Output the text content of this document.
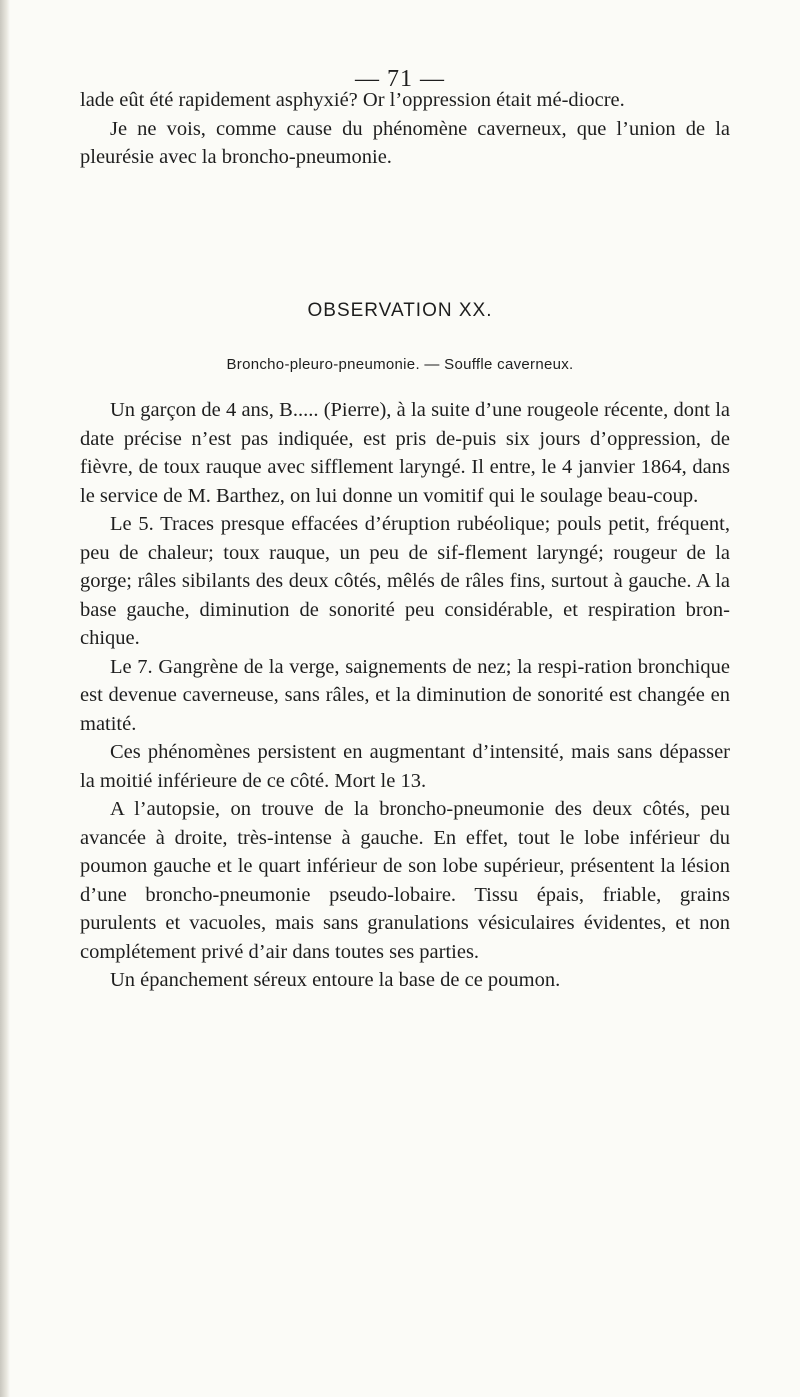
— 71 —

lade eût été rapidement asphyxié? Or l’oppression était mé-diocre.

Je ne vois, comme cause du phénomène caverneux, que l’union de la pleurésie avec la broncho-pneumonie.

OBSERVATION XX.
Broncho-pleuro-pneumonie. — Souffle caverneux.

Un garçon de 4 ans, B..... (Pierre), à la suite d’une rougeole récente, dont la date précise n’est pas indiquée, est pris de-puis six jours d’oppression, de fièvre, de toux rauque avec sifflement laryngé. Il entre, le 4 janvier 1864, dans le service de M. Barthez, on lui donne un vomitif qui le soulage beau-coup.

Le 5. Traces presque effacées d’éruption rubéolique; pouls petit, fréquent, peu de chaleur; toux rauque, un peu de sif-flement laryngé; rougeur de la gorge; râles sibilants des deux côtés, mêlés de râles fins, surtout à gauche. A la base gauche, diminution de sonorité peu considérable, et respiration bron-chique.

Le 7. Gangrène de la verge, saignements de nez; la respi-ration bronchique est devenue caverneuse, sans râles, et la diminution de sonorité est changée en matité.

Ces phénomènes persistent en augmentant d’intensité, mais sans dépasser la moitié inférieure de ce côté. Mort le 13.

A l’autopsie, on trouve de la broncho-pneumonie des deux côtés, peu avancée à droite, très-intense à gauche. En effet, tout le lobe inférieur du poumon gauche et le quart inférieur de son lobe supérieur, présentent la lésion d’une broncho-pneumonie pseudo-lobaire. Tissu épais, friable, grains purulents et vacuoles, mais sans granulations vésiculaires évidentes, et non complétement privé d’air dans toutes ses parties.

Un épanchement séreux entoure la base de ce poumon.
